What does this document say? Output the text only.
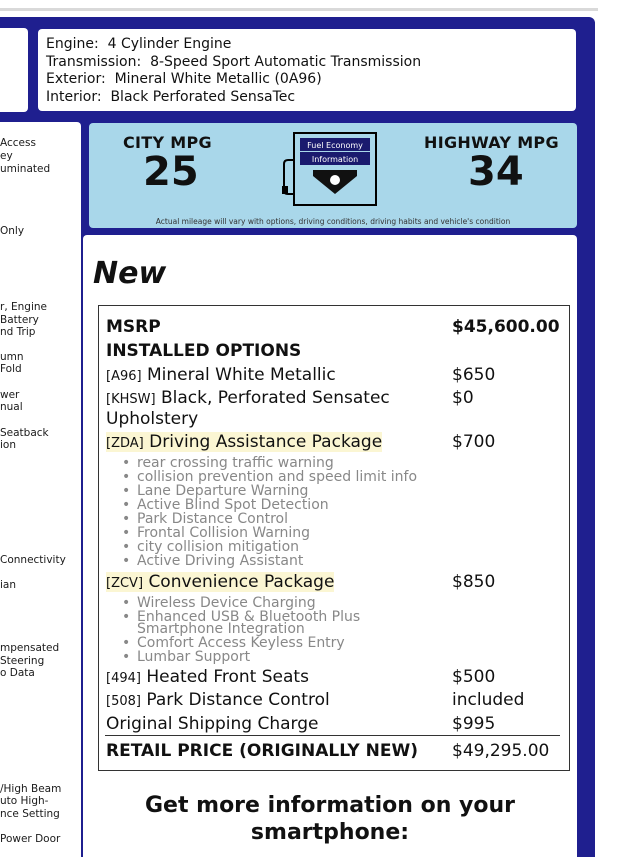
Access
ey
uminated
Only
r, Engine
Battery
nd Trip
umn
Fold
wer
nual
Seatback
ion
Connectivity
ian
mpensated
Steering
o Data
/High Beam
uto High-
nce Setting
Power Door
Engine: 4 Cylinder Engine
Transmission: 8-Speed Sport Automatic Transmission
Exterior: Mineral White Metallic (0A96)
Interior: Black Perforated SensaTec
CITY MPG
25
HIGHWAY MPG
34
Actual mileage will vary with options, driving conditions, driving habits and vehicle's condition
Fuel Economy
Information
New
MSRP	$45,600.00
INSTALLED OPTIONS
[A96] Mineral White Metallic	$650
[KHSW] Black, Perforated Sensatec
Upholstery
$0
[ZDA] Driving Assistance Package	$700
• rear crossing traffic warning
• collision prevention and speed limit info
• Lane Departure Warning
• Active Blind Spot Detection
• Park Distance Control
• Frontal Collision Warning
• city collision mitigation
• Active Driving Assistant
[ZCV] Convenience Package	$850
• Wireless Device Charging
• Enhanced USB & Bluetooth Plus
Smartphone Integration
• Comfort Access Keyless Entry
• Lumbar Support
[494] Heated Front Seats	$500
[508] Park Distance Control	included
Original Shipping Charge	$995
RETAIL PRICE (ORIGINALLY NEW) $49,295.00
Get more information on your smartphone:
